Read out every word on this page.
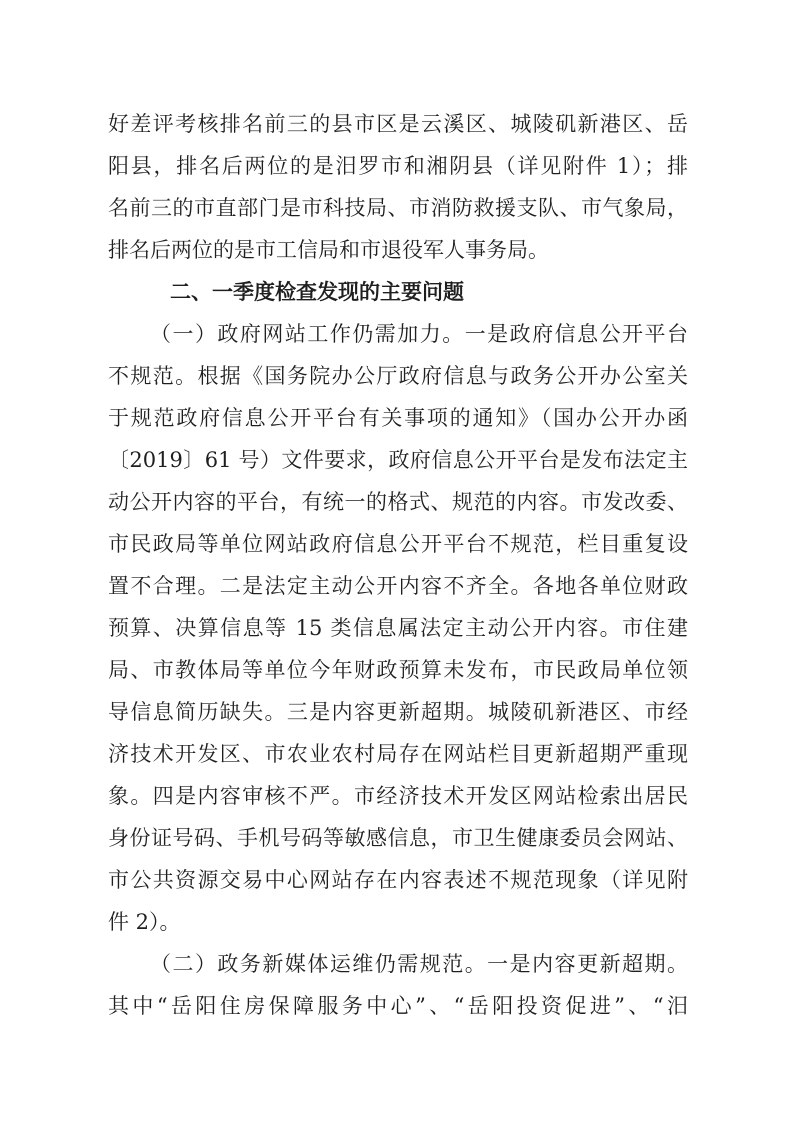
好差评考核排名前三的县市区是云溪区、城陵矶新港区、岳
阳县，排名后两位的是汨罗市和湘阴县（详见附件 1）；排
名前三的市直部门是市科技局、市消防救援支队、市气象局，
排名后两位的是市工信局和市退役军人事务局。
二、一季度检查发现的主要问题
（一）政府网站工作仍需加力。一是政府信息公开平台
不规范。根据《国务院办公厅政府信息与政务公开办公室关
于规范政府信息公开平台有关事项的通知》（国办公开办函
〔2019〕61 号）文件要求，政府信息公开平台是发布法定主
动公开内容的平台，有统一的格式、规范的内容。市发改委、
市民政局等单位网站政府信息公开平台不规范，栏目重复设
置不合理。二是法定主动公开内容不齐全。各地各单位财政
预算、决算信息等 15 类信息属法定主动公开内容。市住建
局、市教体局等单位今年财政预算未发布，市民政局单位领
导信息简历缺失。三是内容更新超期。城陵矶新港区、市经
济技术开发区、市农业农村局存在网站栏目更新超期严重现
象。四是内容审核不严。市经济技术开发区网站检索出居民
身份证号码、手机号码等敏感信息，市卫生健康委员会网站、
市公共资源交易中心网站存在内容表述不规范现象（详见附
件 2）。
（二）政务新媒体运维仍需规范。一是内容更新超期。
其中“岳阳住房保障服务中心”、“岳阳投资促进”、“汨
